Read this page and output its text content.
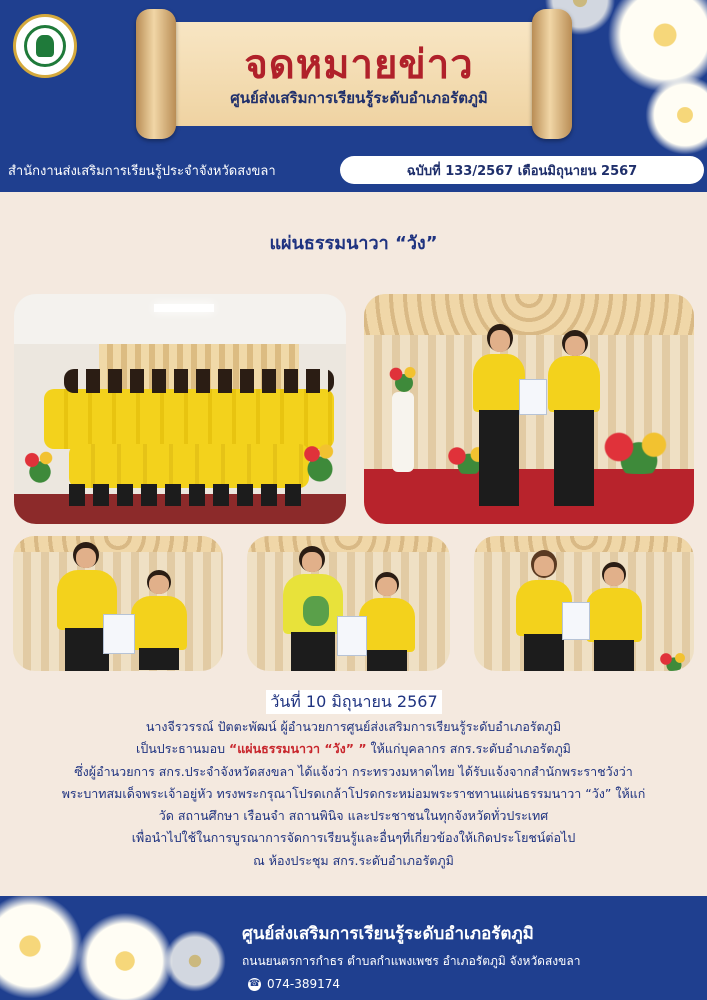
จดหมายข่าว
ศูนย์ส่งเสริมการเรียนรู้ระดับอำเภอรัตภูมิ
สำนักงานส่งเสริมการเรียนรู้ประจำจังหวัดสงขลา	ฉบับที่ 133/2567 เดือนมิถุนายน 2567
แผ่นธรรมนาวา “วัง”
วันที่ 10 มิถุนายน 2567
นางจีรวรรณ์ ปัตตะพัฒน์ ผู้อำนวยการศูนย์ส่งเสริมการเรียนรู้ระดับอำเภอรัตภูมิ
เป็นประธานมอบ “แผ่นธรรมนาวา “วัง” ” ให้แก่บุคลากร สกร.ระดับอำเภอรัตภูมิ
ซึ่งผู้อำนวยการ สกร.ประจำจังหวัดสงขลา ได้แจ้งว่า กระทรวงมหาดไทย ได้รับแจ้งจากสำนักพระราชวังว่า
พระบาทสมเด็จพระเจ้าอยู่หัว ทรงพระกรุณาโปรดเกล้าโปรดกระหม่อมพระราชทานแผ่นธรรมนาวา “วัง” ให้แก่
วัด สถานศึกษา เรือนจำ สถานพินิจ และประชาชนในทุกจังหวัดทั่วประเทศ
เพื่อนำไปใช้ในการบูรณาการจัดการเรียนรู้และอื่นๆที่เกี่ยวข้องให้เกิดประโยชน์ต่อไป
ณ ห้องประชุม สกร.ระดับอำเภอรัตภูมิ
ศูนย์ส่งเสริมการเรียนรู้ระดับอำเภอรัตภูมิ
ถนนยนตรการกำธร ตำบลกำแพงเพชร อำเภอรัตภูมิ จังหวัดสงขลา
☎ 074-389174
